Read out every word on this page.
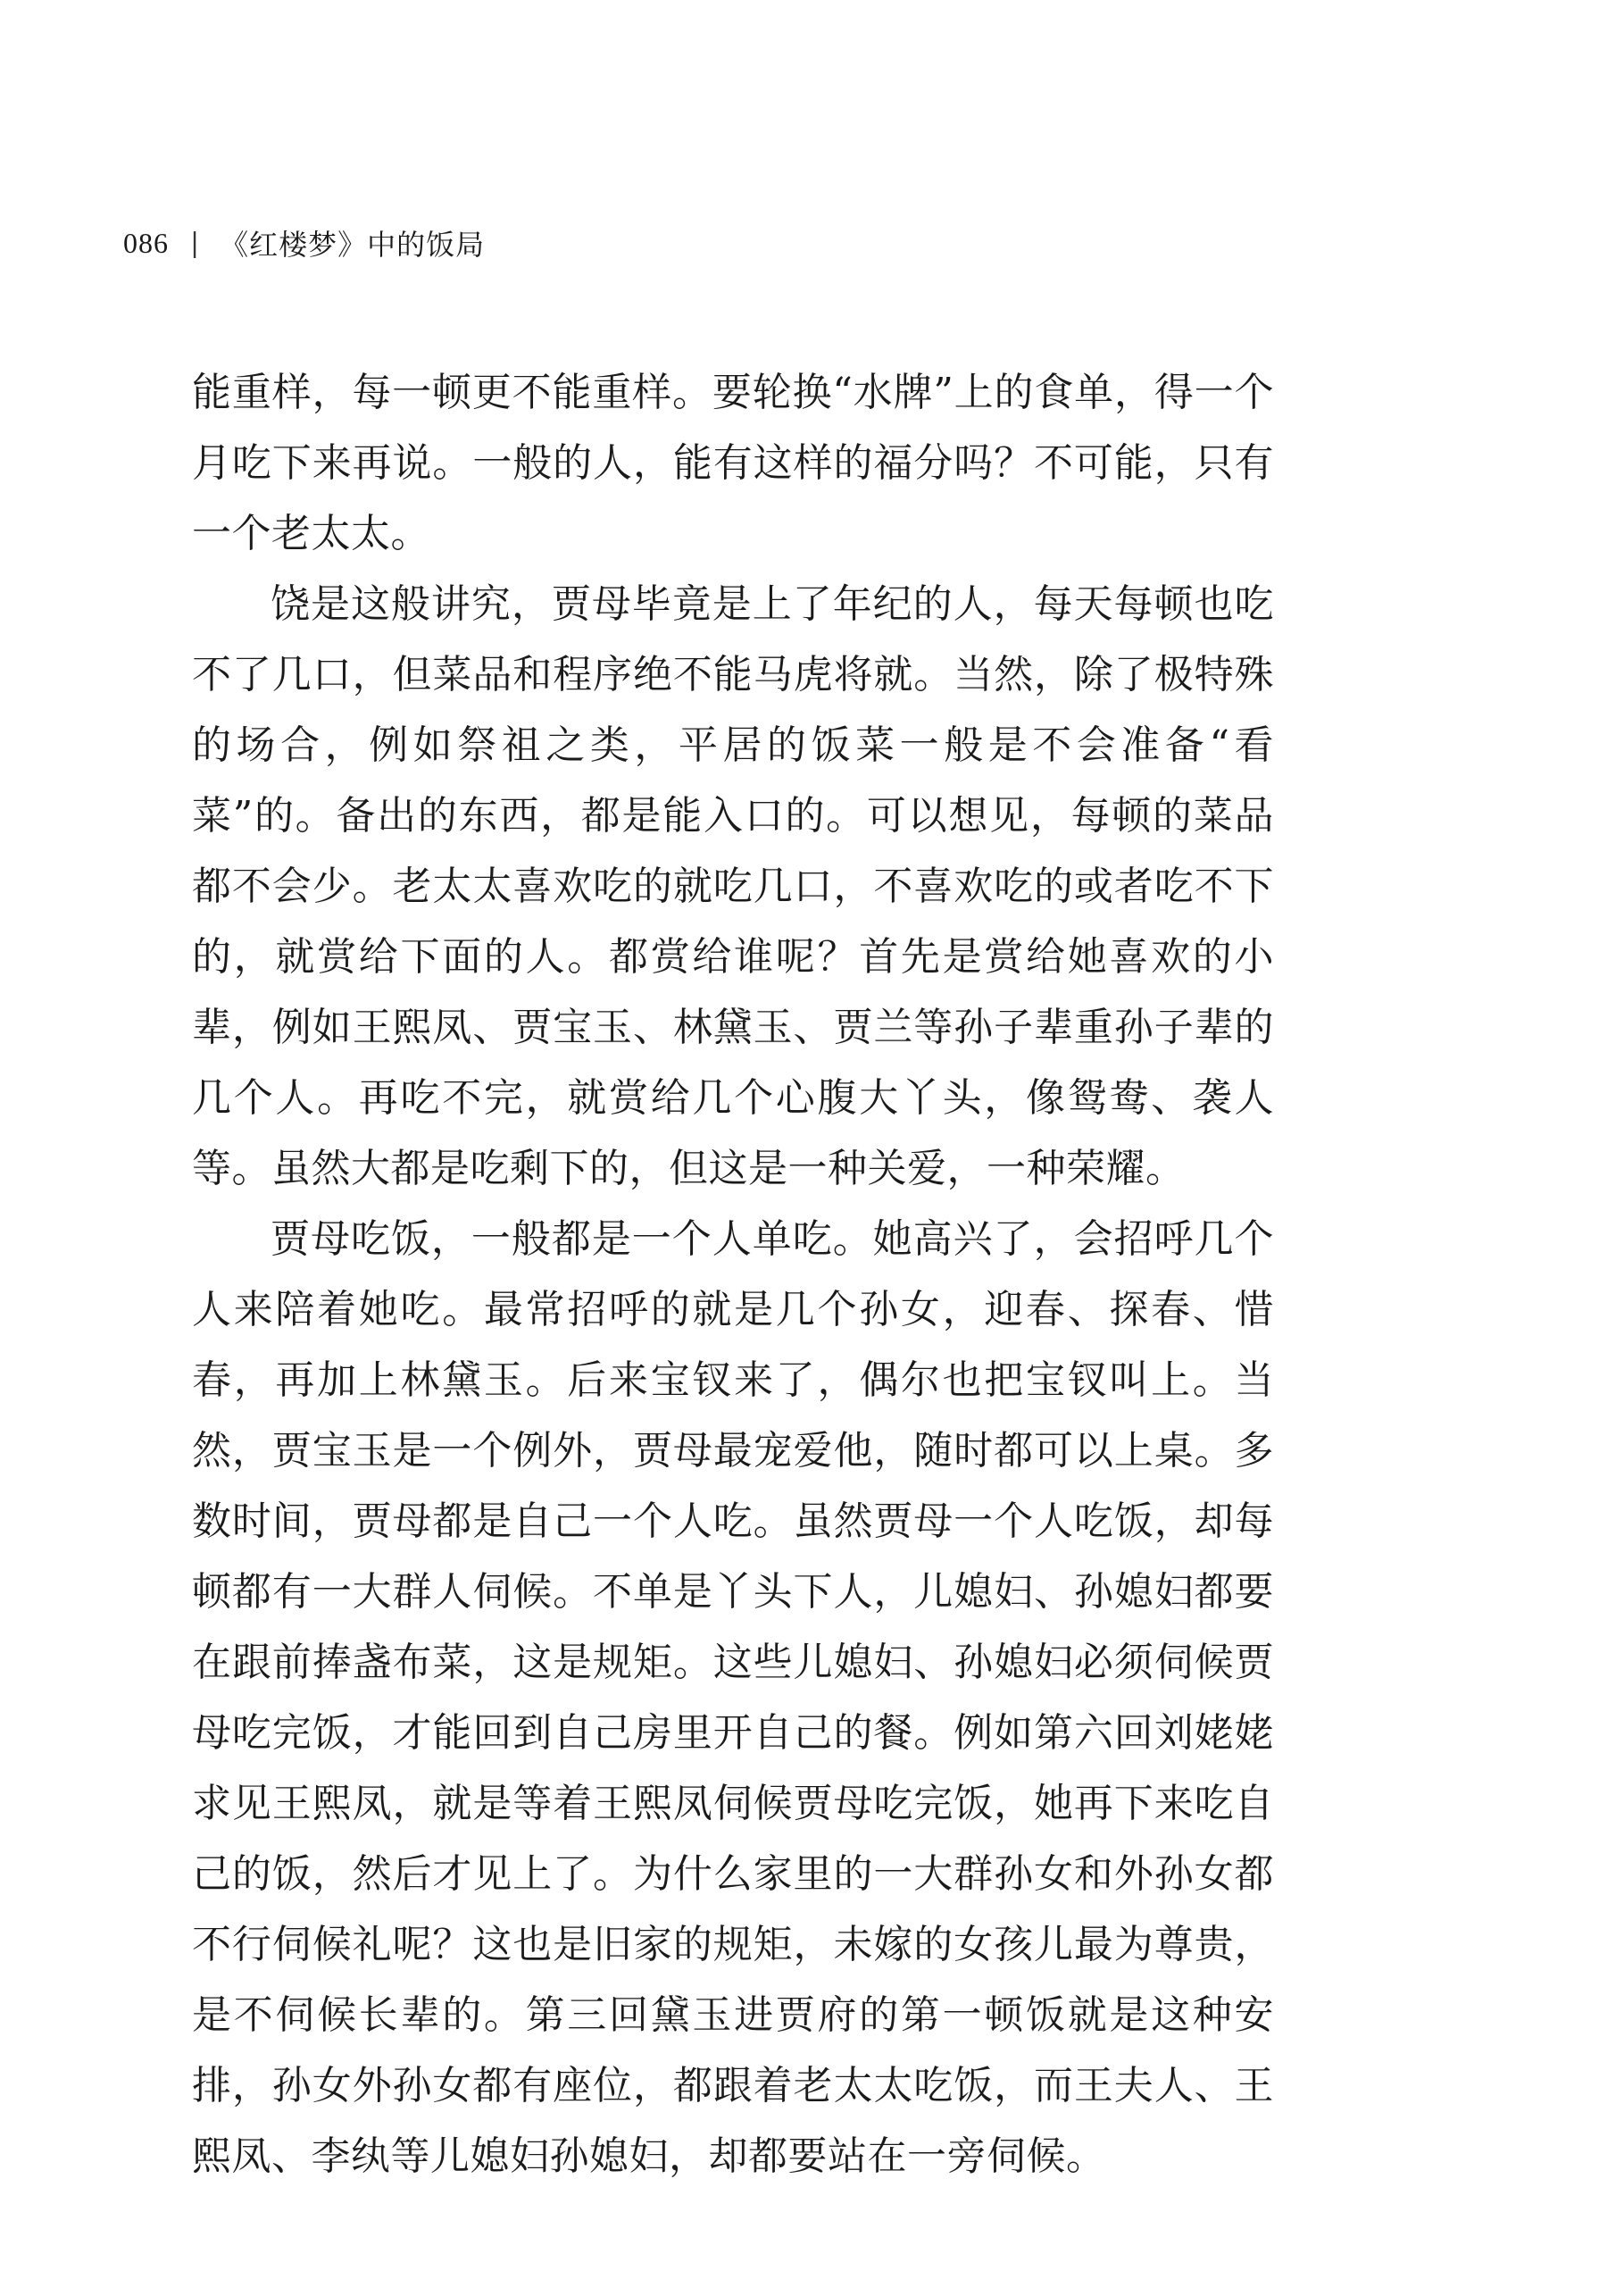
086 | 《红楼梦》中的饭局

能重样，每一顿更不能重样。要轮换“水牌”上的食单，得一个月吃下来再说。一般的人，能有这样的福分吗？不可能，只有一个老太太。

饶是这般讲究，贾母毕竟是上了年纪的人，每天每顿也吃不了几口，但菜品和程序绝不能马虎将就。当然，除了极特殊的场合，例如祭祖之类，平居的饭菜一般是不会准备“看菜”的。备出的东西，都是能入口的。可以想见，每顿的菜品都不会少。老太太喜欢吃的就吃几口，不喜欢吃的或者吃不下的，就赏给下面的人。都赏给谁呢？首先是赏给她喜欢的小辈，例如王熙凤、贾宝玉、林黛玉、贾兰等孙子辈重孙子辈的几个人。再吃不完，就赏给几个心腹大丫头，像鸳鸯、袭人等。虽然大都是吃剩下的，但这是一种关爱，一种荣耀。

贾母吃饭，一般都是一个人单吃。她高兴了，会招呼几个人来陪着她吃。最常招呼的就是几个孙女，迎春、探春、惜春，再加上林黛玉。后来宝钗来了，偶尔也把宝钗叫上。当然，贾宝玉是一个例外，贾母最宠爱他，随时都可以上桌。多数时间，贾母都是自己一个人吃。虽然贾母一个人吃饭，却每顿都有一大群人伺候。不单是丫头下人，儿媳妇、孙媳妇都要在跟前捧盏布菜，这是规矩。这些儿媳妇、孙媳妇必须伺候贾母吃完饭，才能回到自己房里开自己的餐。例如第六回刘姥姥求见王熙凤，就是等着王熙凤伺候贾母吃完饭，她再下来吃自己的饭，然后才见上了。为什么家里的一大群孙女和外孙女都不行伺候礼呢？这也是旧家的规矩，未嫁的女孩儿最为尊贵，是不伺候长辈的。第三回黛玉进贾府的第一顿饭就是这种安排，孙女外孙女都有座位，都跟着老太太吃饭，而王夫人、王熙凤、李纨等儿媳妇孙媳妇，却都要站在一旁伺候。
